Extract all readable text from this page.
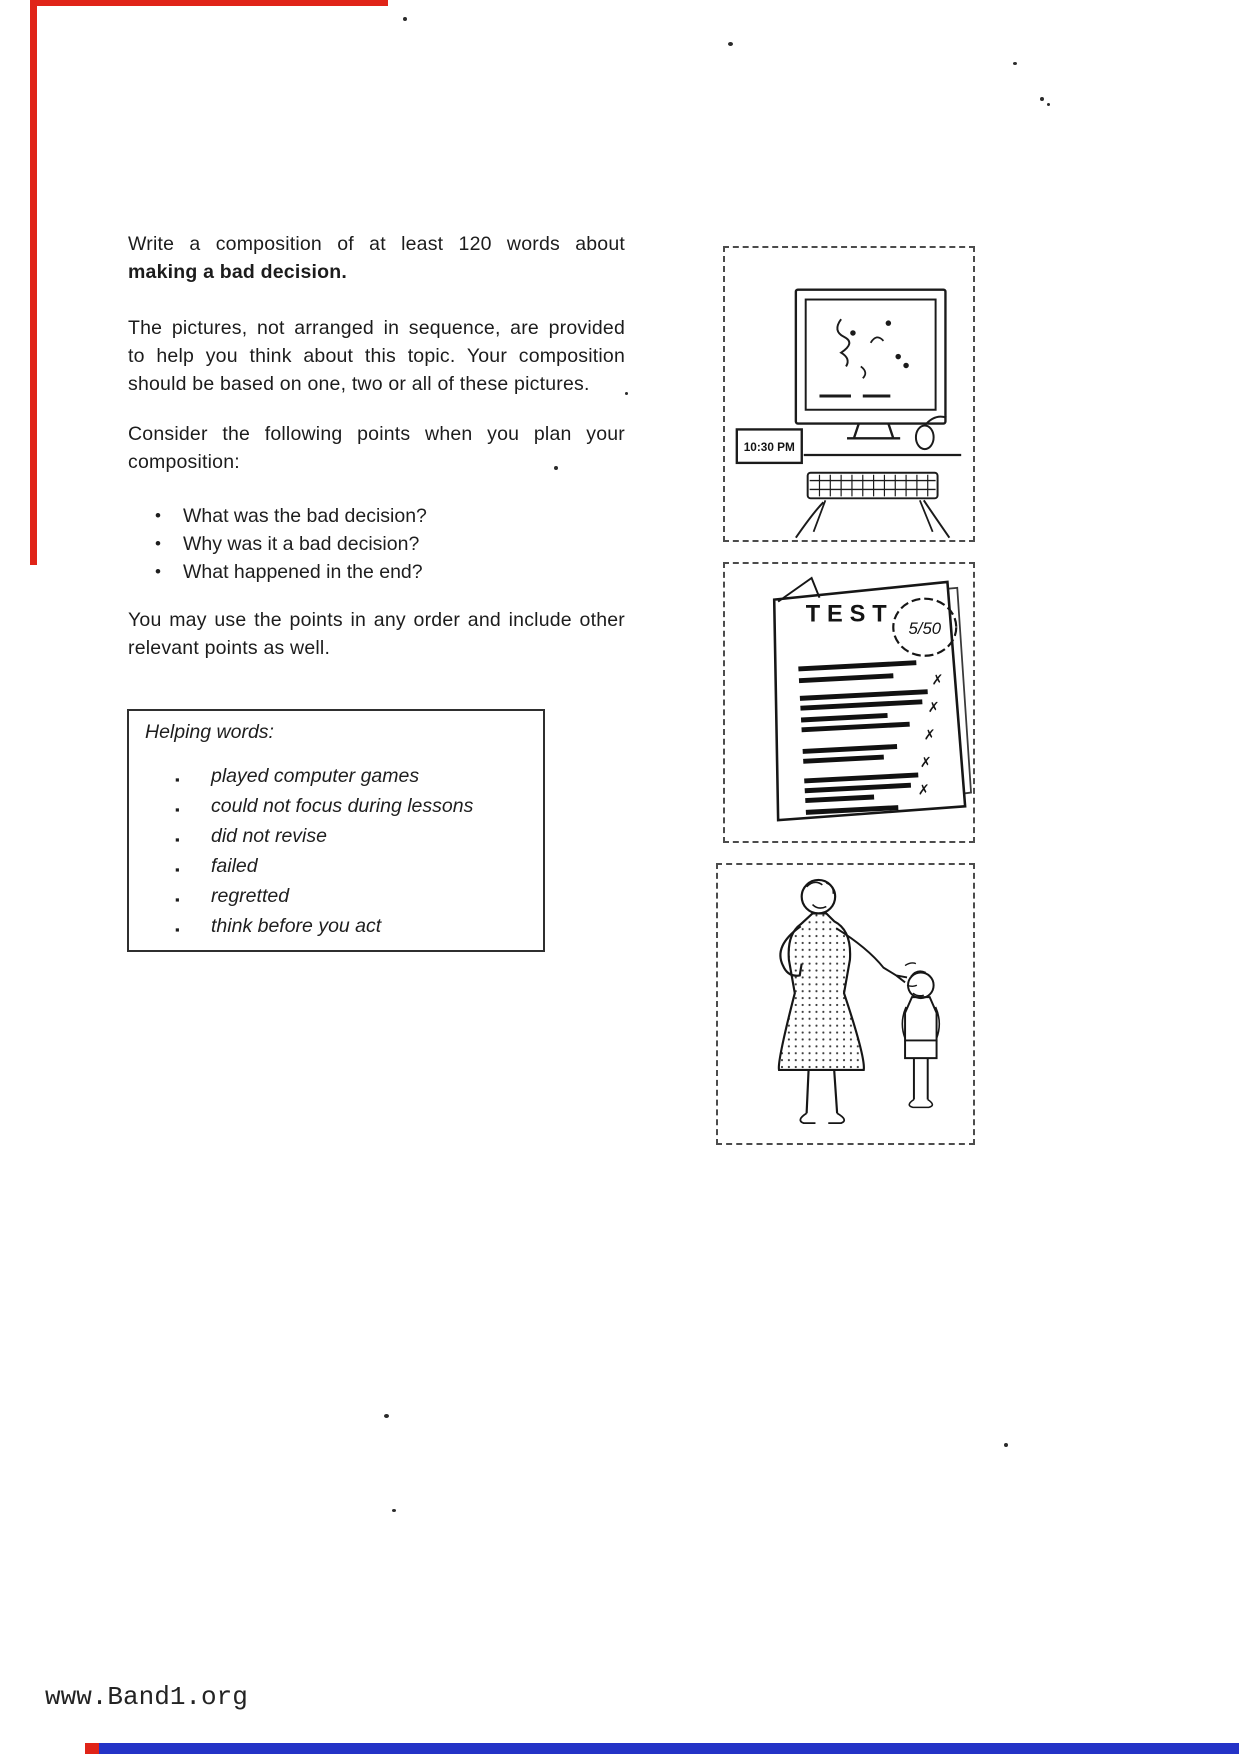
Write a composition of at least 120 words about
making a bad decision.
The pictures, not arranged in sequence, are provided
to help you think about this topic. Your composition
should be based on one, two or all of these pictures.
Consider the following points when you plan your
composition:
• What was the bad decision?
• Why was it a bad decision?
• What happened in the end?
You may use the points in any order and include other
relevant points as well.
Helping words:
▪ played computer games
▪ could not focus during lessons
▪ did not revise
▪ failed
▪ regretted
▪ think before you act
10:30 PM
TEST
5/50
✗
✗
✗
✗
✗
www.Band1.org
